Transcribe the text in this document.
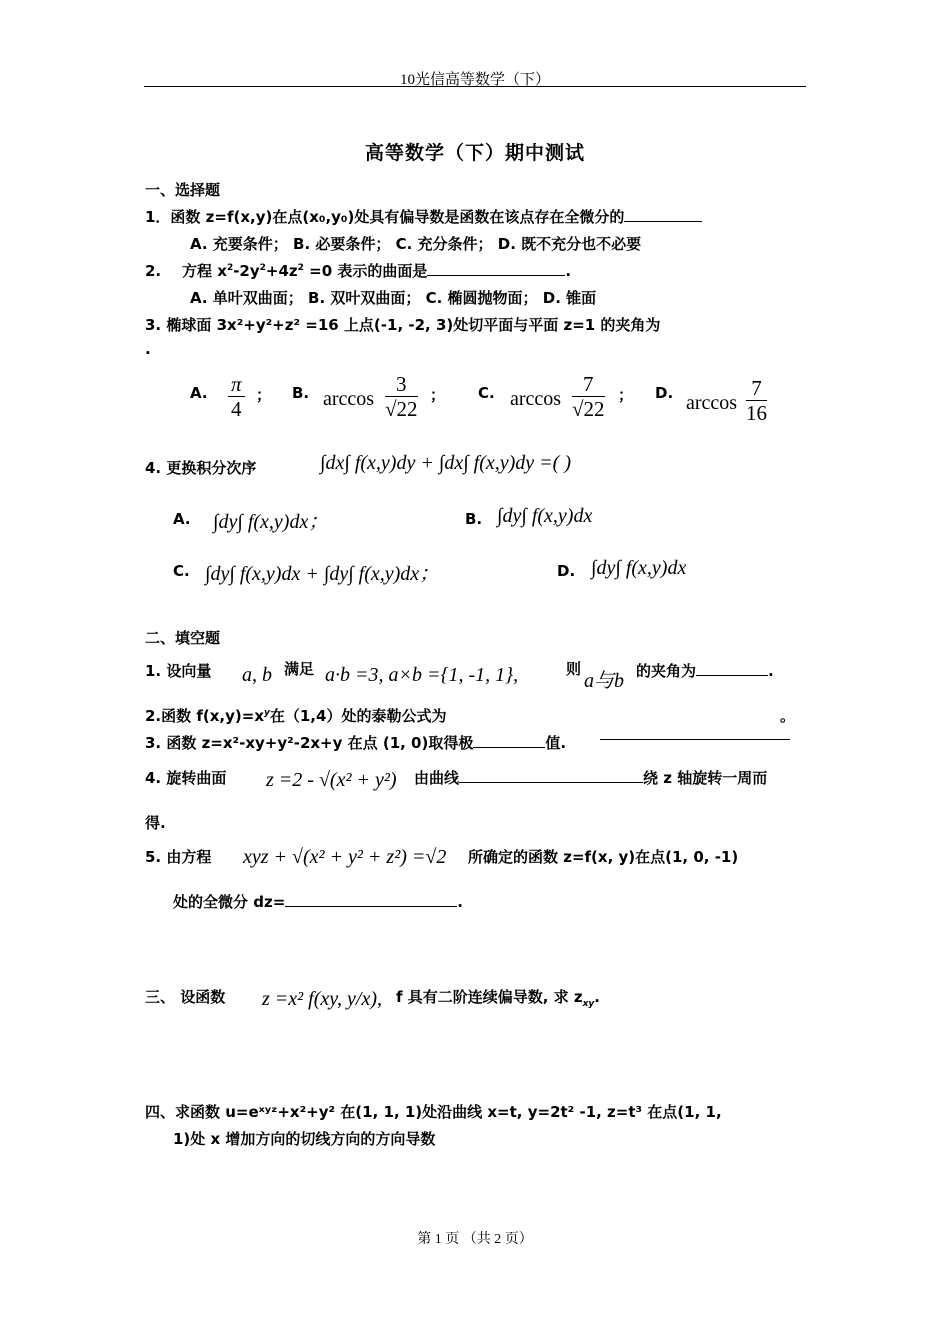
10光信高等数学（下）
高等数学（下）期中测试
一、选择题
1．函数 z=f(x,y)在点(x₀,y₀)处具有偏导数是函数在该点存在全微分的
A. 充要条件； B. 必要条件； C. 充分条件； D. 既不充分也不必要
2. 方程 $x^2-2y^2+4z^2 =0$ 表示的曲面是	.
A. 单叶双曲面； B. 双叶双曲面； C. 椭圆抛物面； D. 锥面
3. 椭球面 3x²+y²+z² =16 上点(-1, -2, 3)处切平面与平面 z=1 的夹角为
.
A. $\frac{\pi}{4}$ ； B. $\arccos \frac{3}{√22}$ ； C. $\arccos \frac{7}{√22}$ ； D. $\arccos \frac{7}{16}$
4. 更换积分次序	∫dx∫ f(x,y)dy + ∫dx∫ f(x,y)dy =( )
A. ∫dy∫ f(x,y)dx；	B. ∫dy∫ f(x,y)dx
C. ∫dy∫ f(x,y)dx + ∫dy∫ f(x,y)dx；	D. ∫dy∫ f(x,y)dx
二、填空题
1. 设向量 a, b 满足 a·b =3, a×b ={1, -1, 1},	则
a与b 的夹角为	.
2.函数 $f(x,y)=x^y$在（1,4）处的泰勒公式为	。
3. 函数 z=x²-xy+y²-2x+y 在点 (1, 0)取得极	值.
4. 旋转曲面 z =2 - √(x² + y²) 由曲线	绕 z 轴旋转一周而
得.
5. 由方程 xyz + √(x² + y² + z²) =√2 所确定的函数 z=f(x, y)在点(1, 0, -1)
处的全微分 dz=	.
三、 设函数 z =x² f(xy, y/x), f 具有二阶连续偏导数, 求 $z_{xy}$.
四、求函数 u=eˣʸᶻ+x²+y² 在(1, 1, 1)处沿曲线 x=t, y=2t² -1, z=t³ 在点(1, 1,
1)处 x 增加方向的切线方向的方向导数
第 1 页 （共 2 页）
